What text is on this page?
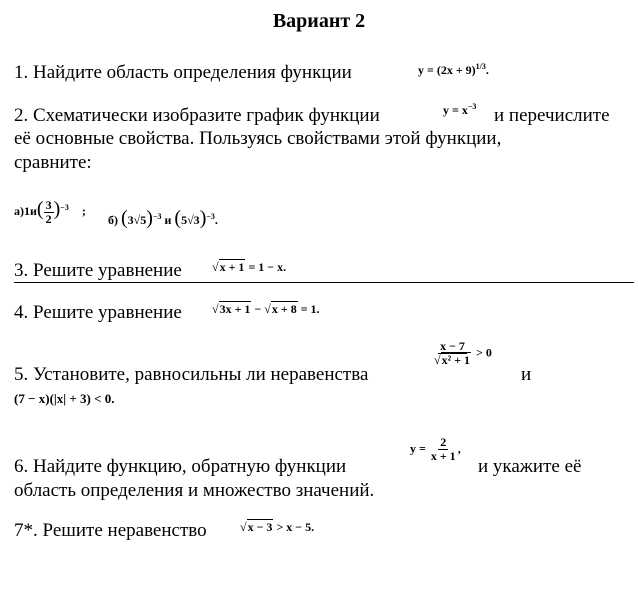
Вариант 2
1. Найдите область определения функции	$y = (2x + 9)^{1/3}$.
2. Схематически изобразите график функции	$y = x^{-3}$ и перечислите
её основные свойства. Пользуясь свойствами этой функции,
сравните:
$а)1и( \frac{3}{2} )^{-3}$ ;
б) $(3√5)^{-3}$ и $(5√3)^{-3}$.
3. Решите уравнение	√x + 1 = 1 − x.
4. Решите уравнение	√3x + 1 − √x + 8 = 1.
5. Установите, равносильны ли неравенства
$\frac{x - 7}{\text{√x² + 1}} > 0$
и
(7 − x)(|x| + 3) < 0.
6. Найдите функцию, обратную функции
$y = \frac{2}{x + 1}$ ,
и укажите её
область определения и множество значений.
7*. Решите неравенство	√x − 3 > x − 5.
